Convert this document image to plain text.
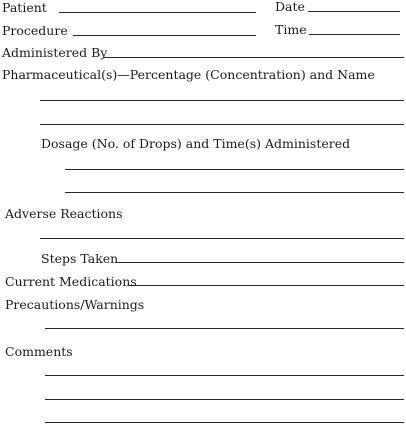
Patient	Date
Procedure	Time
Administered By
Pharmaceutical(s)—Percentage (Concentration) and Name
Dosage (No. of Drops) and Time(s) Administered
Adverse Reactions
Steps Taken
Current Medications
Precautions/Warnings
Comments
